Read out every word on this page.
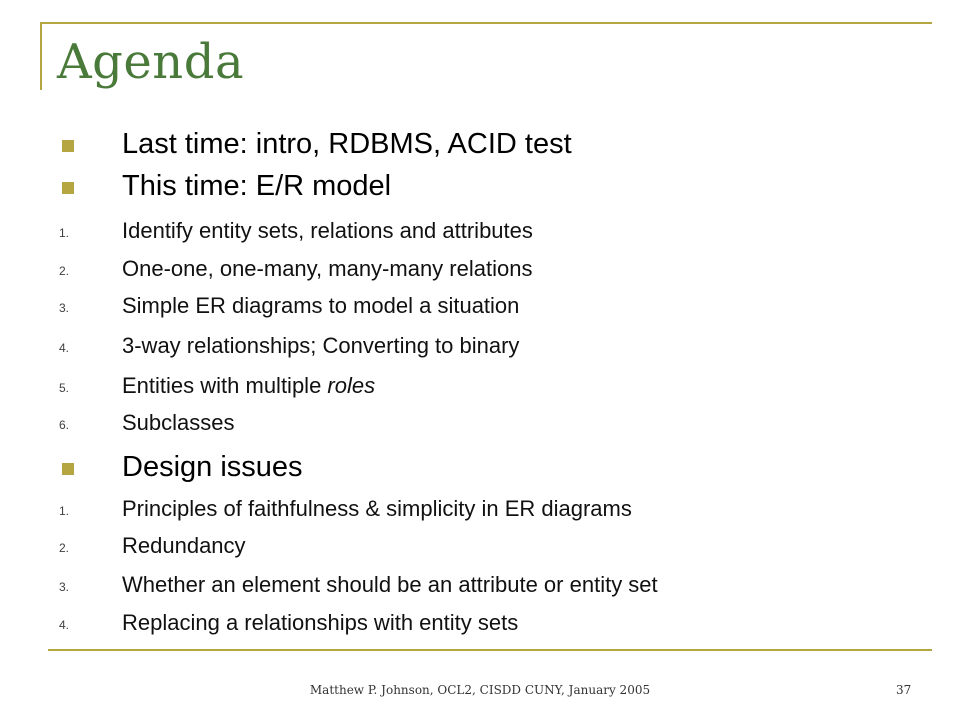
Agenda
Last time: intro, RDBMS, ACID test
This time: E/R model
1. Identify entity sets, relations and attributes
2. One-one, one-many, many-many relations
3. Simple ER diagrams to model a situation
4. 3-way relationships; Converting to binary
5. Entities with multiple roles
6. Subclasses
Design issues
1. Principles of faithfulness & simplicity in ER diagrams
2. Redundancy
3. Whether an element should be an attribute or entity set
4. Replacing a relationships with entity sets
Matthew P. Johnson, OCL2, CISDD CUNY, January 2005	37
